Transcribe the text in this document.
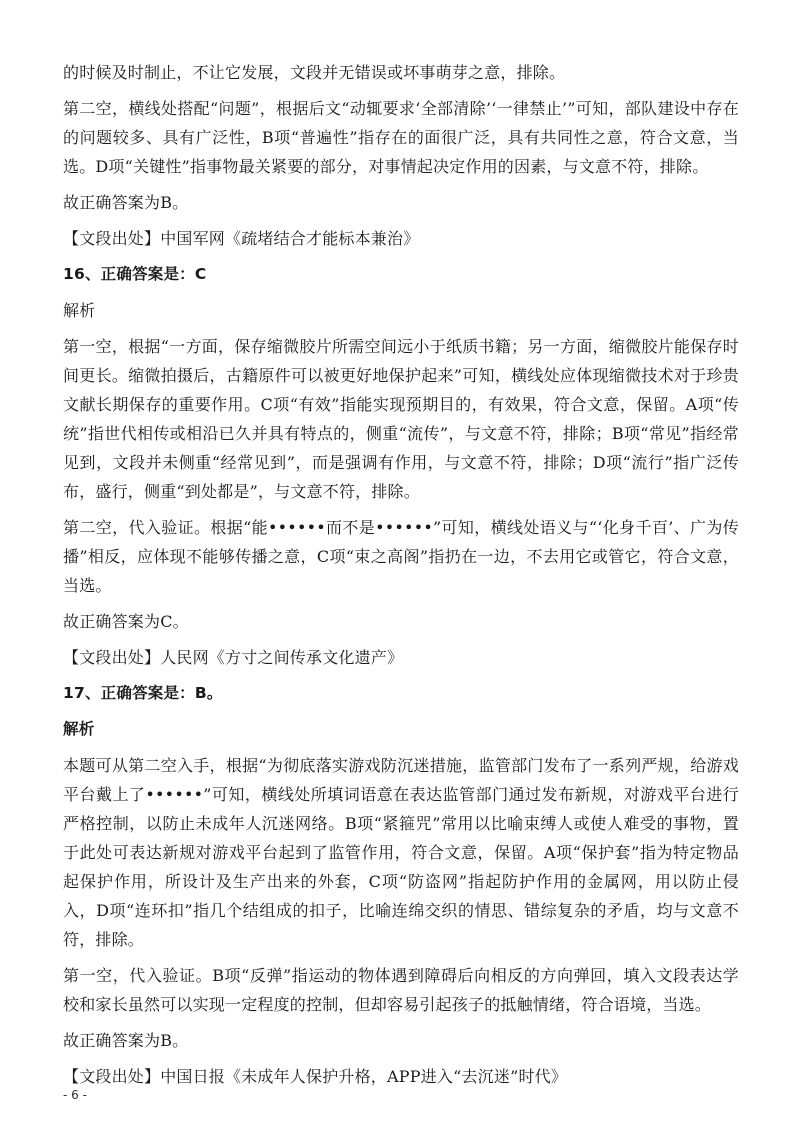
的时候及时制止，不让它发展，文段并无错误或坏事萌芽之意，排除。

第二空，横线处搭配“问题”，根据后文“动辄要求‘全部清除’‘一律禁止’”可知，部队建设中存在的问题较多、具有广泛性，B项“普遍性”指存在的面很广泛，具有共同性之意，符合文意，当选。D项“关键性”指事物最关紧要的部分，对事情起决定作用的因素，与文意不符，排除。

故正确答案为B。

【文段出处】中国军网《疏堵结合才能标本兼治》

16、正确答案是：C

解析

第一空，根据“一方面，保存缩微胶片所需空间远小于纸质书籍；另一方面，缩微胶片能保存时间更长。缩微拍摄后，古籍原件可以被更好地保护起来”可知，横线处应体现缩微技术对于珍贵文献长期保存的重要作用。C项“有效”指能实现预期目的，有效果，符合文意，保留。A项“传统”指世代相传或相沿已久并具有特点的，侧重“流传”，与文意不符，排除；B项“常见”指经常见到，文段并未侧重“经常见到”，而是强调有作用，与文意不符，排除；D项“流行”指广泛传布，盛行，侧重“到处都是”，与文意不符，排除。

第二空，代入验证。根据“能••••••而不是••••••”可知，横线处语义与“‘化身千百’、广为传播”相反，应体现不能够传播之意，C项“束之高阁”指扔在一边，不去用它或管它，符合文意，当选。

故正确答案为C。

【文段出处】人民网《方寸之间传承文化遗产》

17、正确答案是：B。

解析

本题可从第二空入手，根据“为彻底落实游戏防沉迷措施，监管部门发布了一系列严规，给游戏平台戴上了••••••”可知，横线处所填词语意在表达监管部门通过发布新规，对游戏平台进行严格控制，以防止未成年人沉迷网络。B项“紧箍咒”常用以比喻束缚人或使人难受的事物，置于此处可表达新规对游戏平台起到了监管作用，符合文意，保留。A项“保护套”指为特定物品起保护作用，所设计及生产出来的外套，C项“防盗网”指起防护作用的金属网，用以防止侵入，D项“连环扣”指几个结组成的扣子，比喻连绵交织的情思、错综复杂的矛盾，均与文意不符，排除。

第一空，代入验证。B项“反弹”指运动的物体遇到障碍后向相反的方向弹回，填入文段表达学校和家长虽然可以实现一定程度的控制，但却容易引起孩子的抵触情绪，符合语境，当选。

故正确答案为B。

【文段出处】中国日报《未成年人保护升格，APP进入“去沉迷”时代》

- 6 -
